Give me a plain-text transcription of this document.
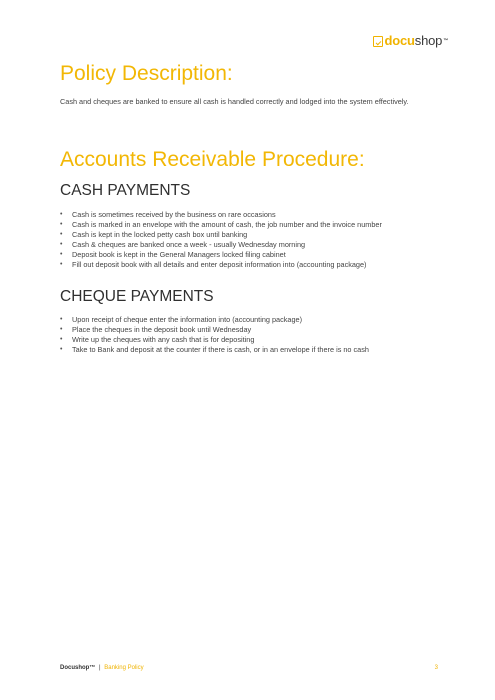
docushop™
Policy Description:

Cash and cheques are banked to ensure all cash is handled correctly and lodged into the system effectively.

Accounts Receivable Procedure:
CASH PAYMENTS
• Cash is sometimes received by the business on rare occasions
• Cash is marked in an envelope with the amount of cash, the job number and the invoice number
• Cash is kept in the locked petty cash box until banking
• Cash & cheques are banked once a week - usually Wednesday morning
• Deposit book is kept in the General Managers locked filing cabinet
• Fill out deposit book with all details and enter deposit information into (accounting package)
CHEQUE PAYMENTS
• Upon receipt of cheque enter the information into (accounting package)
• Place the cheques in the deposit book until Wednesday
• Write up the cheques with any cash that is for depositing
• Take to Bank and deposit at the counter if there is cash, or in an envelope if there is no cash
Docushop™ | Banking Policy	3
